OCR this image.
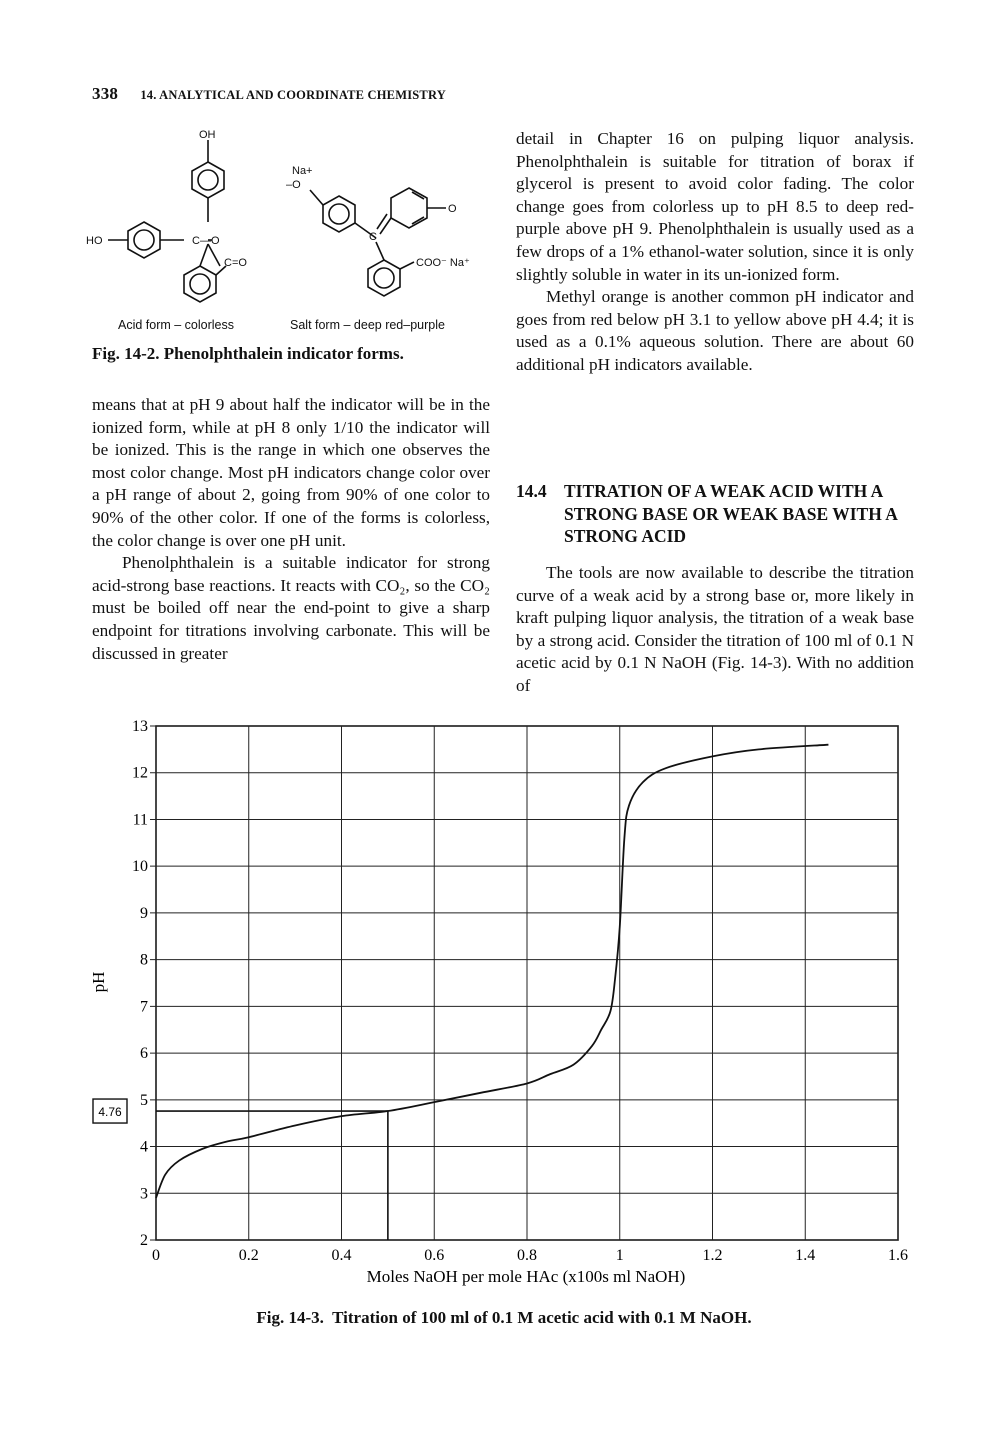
338 14. ANALYTICAL AND COORDINATE CHEMISTRY
OH
HO	C—O
C=O
C
Na+
–O
O
COO⁻ Na⁺
Acid form – colorless	Salt form – deep red–purple
Fig. 14-2. Phenolphthalein indicator forms.

means that at pH 9 about half the indicator will be in the ionized form, while at pH 8 only 1/10 the indicator will be ionized. This is the range in which one observes the most color change. Most pH indicators change color over a pH range of about 2, going from 90% of one color to 90% of the other color. If one of the forms is colorless, the color change is over one pH unit.

Phenolphthalein is a suitable indicator for strong acid-strong base reactions. It reacts with CO₂, so the CO₂ must be boiled off near the end-point to give a sharp endpoint for titrations involving carbonate. This will be discussed in greater

detail in Chapter 16 on pulping liquor analysis. Phenolphthalein is suitable for titration of borax if glycerol is present to avoid color fading. The color change goes from colorless up to pH 8.5 to deep red-purple above pH 9. Phenolphthalein is usually used as a few drops of a 1% ethanol-water solution, since it is only slightly soluble in water in its un-ionized form.

Methyl orange is another common pH indicator and goes from red below pH 3.1 to yellow above pH 4.4; it is used as a 0.1% aqueous solution. There are about 60 additional pH indicators available.

14.4 TITRATION OF A WEAK ACID WITH A STRONG BASE OR WEAK BASE WITH A STRONG ACID

The tools are now available to describe the titration curve of a weak acid by a strong base or, more likely in kraft pulping liquor analysis, the titration of a weak base by a strong acid. Consider the titration of 100 ml of 0.1 N acetic acid by 0.1 N NaOH (Fig. 14-3). With no addition of

0	0.2	0.4	0.6	0.8	1	1.2	1.4	1.6
2
3
4
5
6
7
8
9
10
11
12
13
pH
Moles NaOH per mole HAc (x100s ml NaOH)
4.76
Fig. 14-3. Titration of 100 ml of 0.1 M acetic acid with 0.1 M NaOH.
